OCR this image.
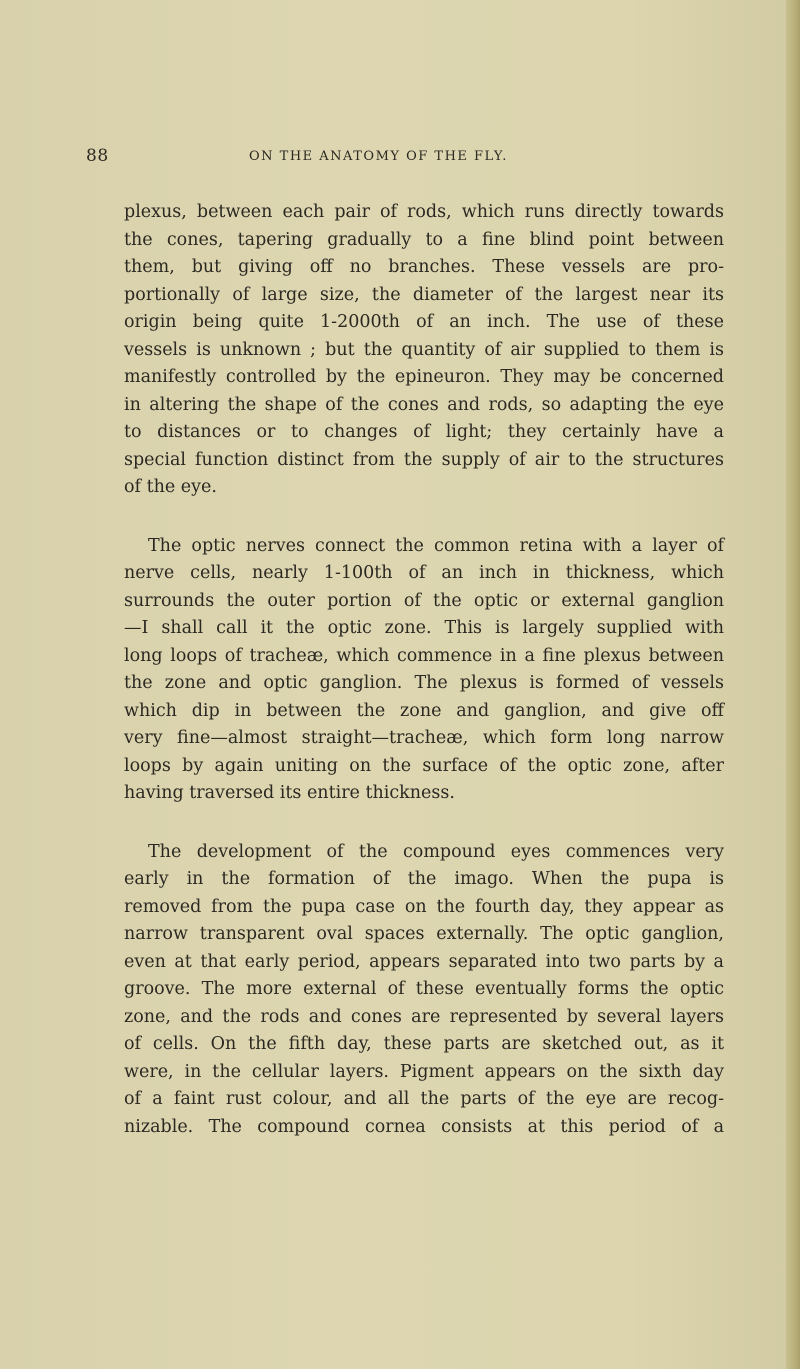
88	ON THE ANATOMY OF THE FLY.

plexus, between each pair of rods, which runs directly towards
the cones, tapering gradually to a fine blind point between
them, but giving off no branches. These vessels are pro-
portionally of large size, the diameter of the largest near its
origin being quite 1-2000th of an inch. The use of these
vessels is unknown ; but the quantity of air supplied to them is
manifestly controlled by the epineuron. They may be concerned
in altering the shape of the cones and rods, so adapting the eye
to distances or to changes of light; they certainly have a
special function distinct from the supply of air to the structures
of the eye.

The optic nerves connect the common retina with a layer of
nerve cells, nearly 1-100th of an inch in thickness, which
surrounds the outer portion of the optic or external ganglion
—I shall call it the optic zone. This is largely supplied with
long loops of tracheæ, which commence in a fine plexus between
the zone and optic ganglion. The plexus is formed of vessels
which dip in between the zone and ganglion, and give off
very fine—almost straight—tracheæ, which form long narrow
loops by again uniting on the surface of the optic zone, after
having traversed its entire thickness.

The development of the compound eyes commences very
early in the formation of the imago. When the pupa is
removed from the pupa case on the fourth day, they appear as
narrow transparent oval spaces externally. The optic ganglion,
even at that early period, appears separated into two parts by a
groove. The more external of these eventually forms the optic
zone, and the rods and cones are represented by several layers
of cells. On the fifth day, these parts are sketched out, as it
were, in the cellular layers. Pigment appears on the sixth day
of a faint rust colour, and all the parts of the eye are recog-
nizable. The compound cornea consists at this period of a
